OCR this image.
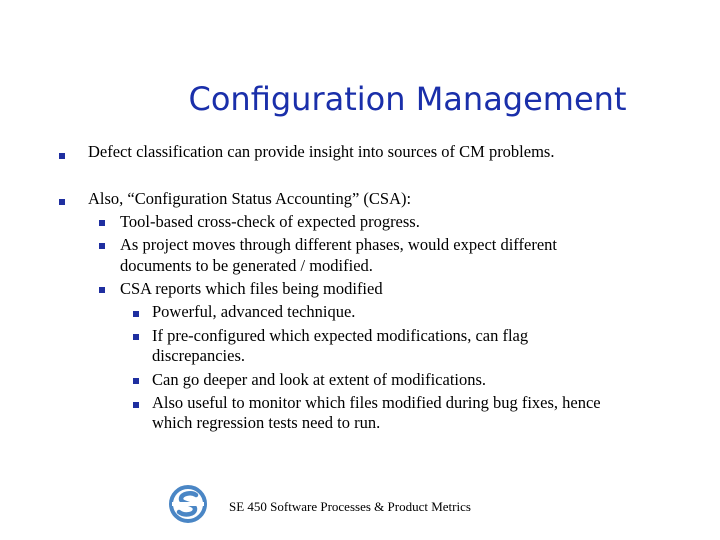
Configuration Management
Defect classification can provide insight into sources of CM problems.
Also, “Configuration Status Accounting” (CSA):
Tool-based cross-check of expected progress.
As project moves through different phases, would expect different
documents to be generated / modified.
CSA reports which files being modified
Powerful, advanced technique.
If pre-configured which expected modifications, can flag
discrepancies.
Can go deeper and look at extent of modifications.
Also useful to monitor which files modified during bug fixes, hence
which regression tests need to run.
SE 450 Software Processes & Product Metrics
